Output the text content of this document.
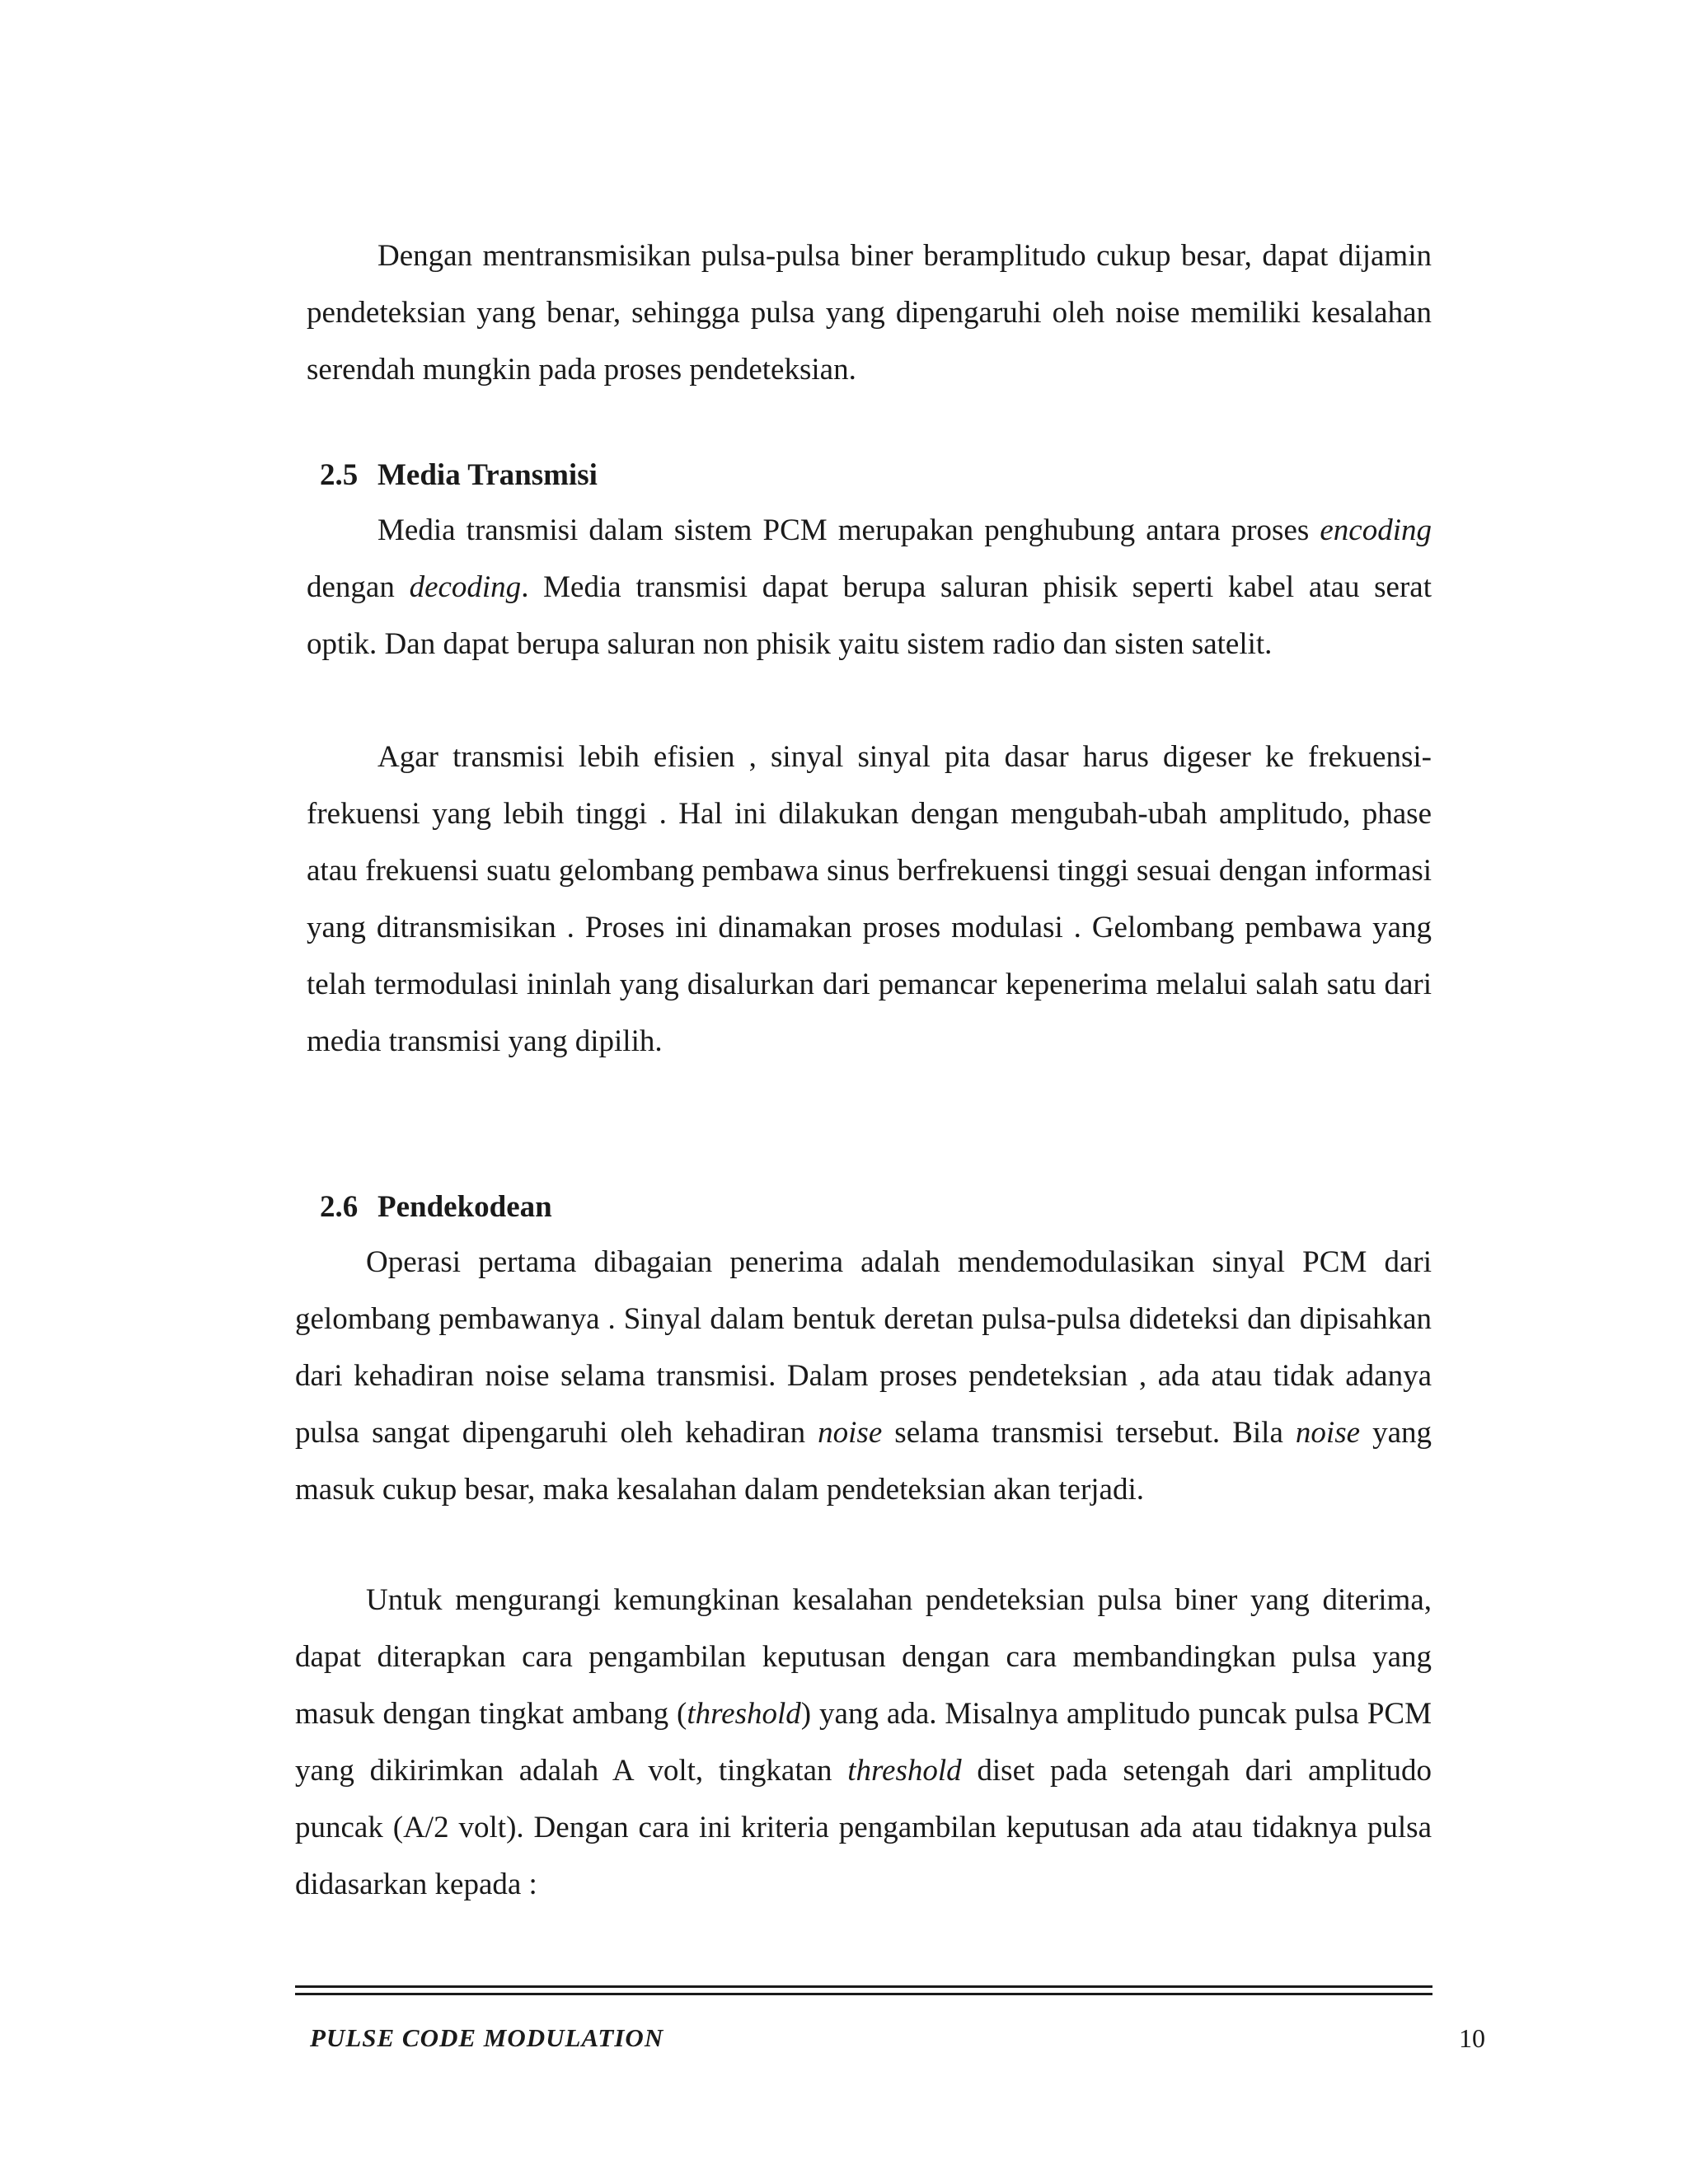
Dengan mentransmisikan pulsa-pulsa biner beramplitudo cukup besar, dapat dijamin pendeteksian yang benar, sehingga pulsa yang dipengaruhi oleh noise memiliki kesalahan serendah mungkin pada proses pendeteksian.

2.5 Media Transmisi

Media transmisi dalam sistem PCM merupakan penghubung antara proses encoding dengan decoding. Media transmisi dapat berupa saluran phisik seperti kabel atau serat optik. Dan dapat berupa saluran non phisik yaitu sistem radio dan sisten satelit.

Agar transmisi lebih efisien , sinyal sinyal pita dasar harus digeser ke frekuensi-frekuensi yang lebih tinggi . Hal ini dilakukan dengan mengubah-ubah amplitudo, phase atau frekuensi suatu gelombang pembawa sinus berfrekuensi tinggi sesuai dengan informasi yang ditransmisikan . Proses ini dinamakan proses modulasi . Gelombang pembawa yang telah termodulasi ininlah yang disalurkan dari pemancar kepenerima melalui salah satu dari media transmisi yang dipilih.

2.6 Pendekodean

Operasi pertama dibagaian penerima adalah mendemodulasikan sinyal PCM dari gelombang pembawanya . Sinyal dalam bentuk deretan pulsa-pulsa dideteksi dan dipisahkan dari kehadiran noise selama transmisi. Dalam proses pendeteksian , ada atau tidak adanya pulsa sangat dipengaruhi oleh kehadiran noise selama transmisi tersebut. Bila noise yang masuk cukup besar, maka kesalahan dalam pendeteksian akan terjadi.

Untuk mengurangi kemungkinan kesalahan pendeteksian pulsa biner yang diterima, dapat diterapkan cara pengambilan keputusan dengan cara membandingkan pulsa yang masuk dengan tingkat ambang (threshold) yang ada. Misalnya amplitudo puncak pulsa PCM yang dikirimkan adalah A volt, tingkatan threshold diset pada setengah dari amplitudo puncak (A/2 volt). Dengan cara ini kriteria pengambilan keputusan ada atau tidaknya pulsa didasarkan kepada :

PULSE CODE MODULATION	10
